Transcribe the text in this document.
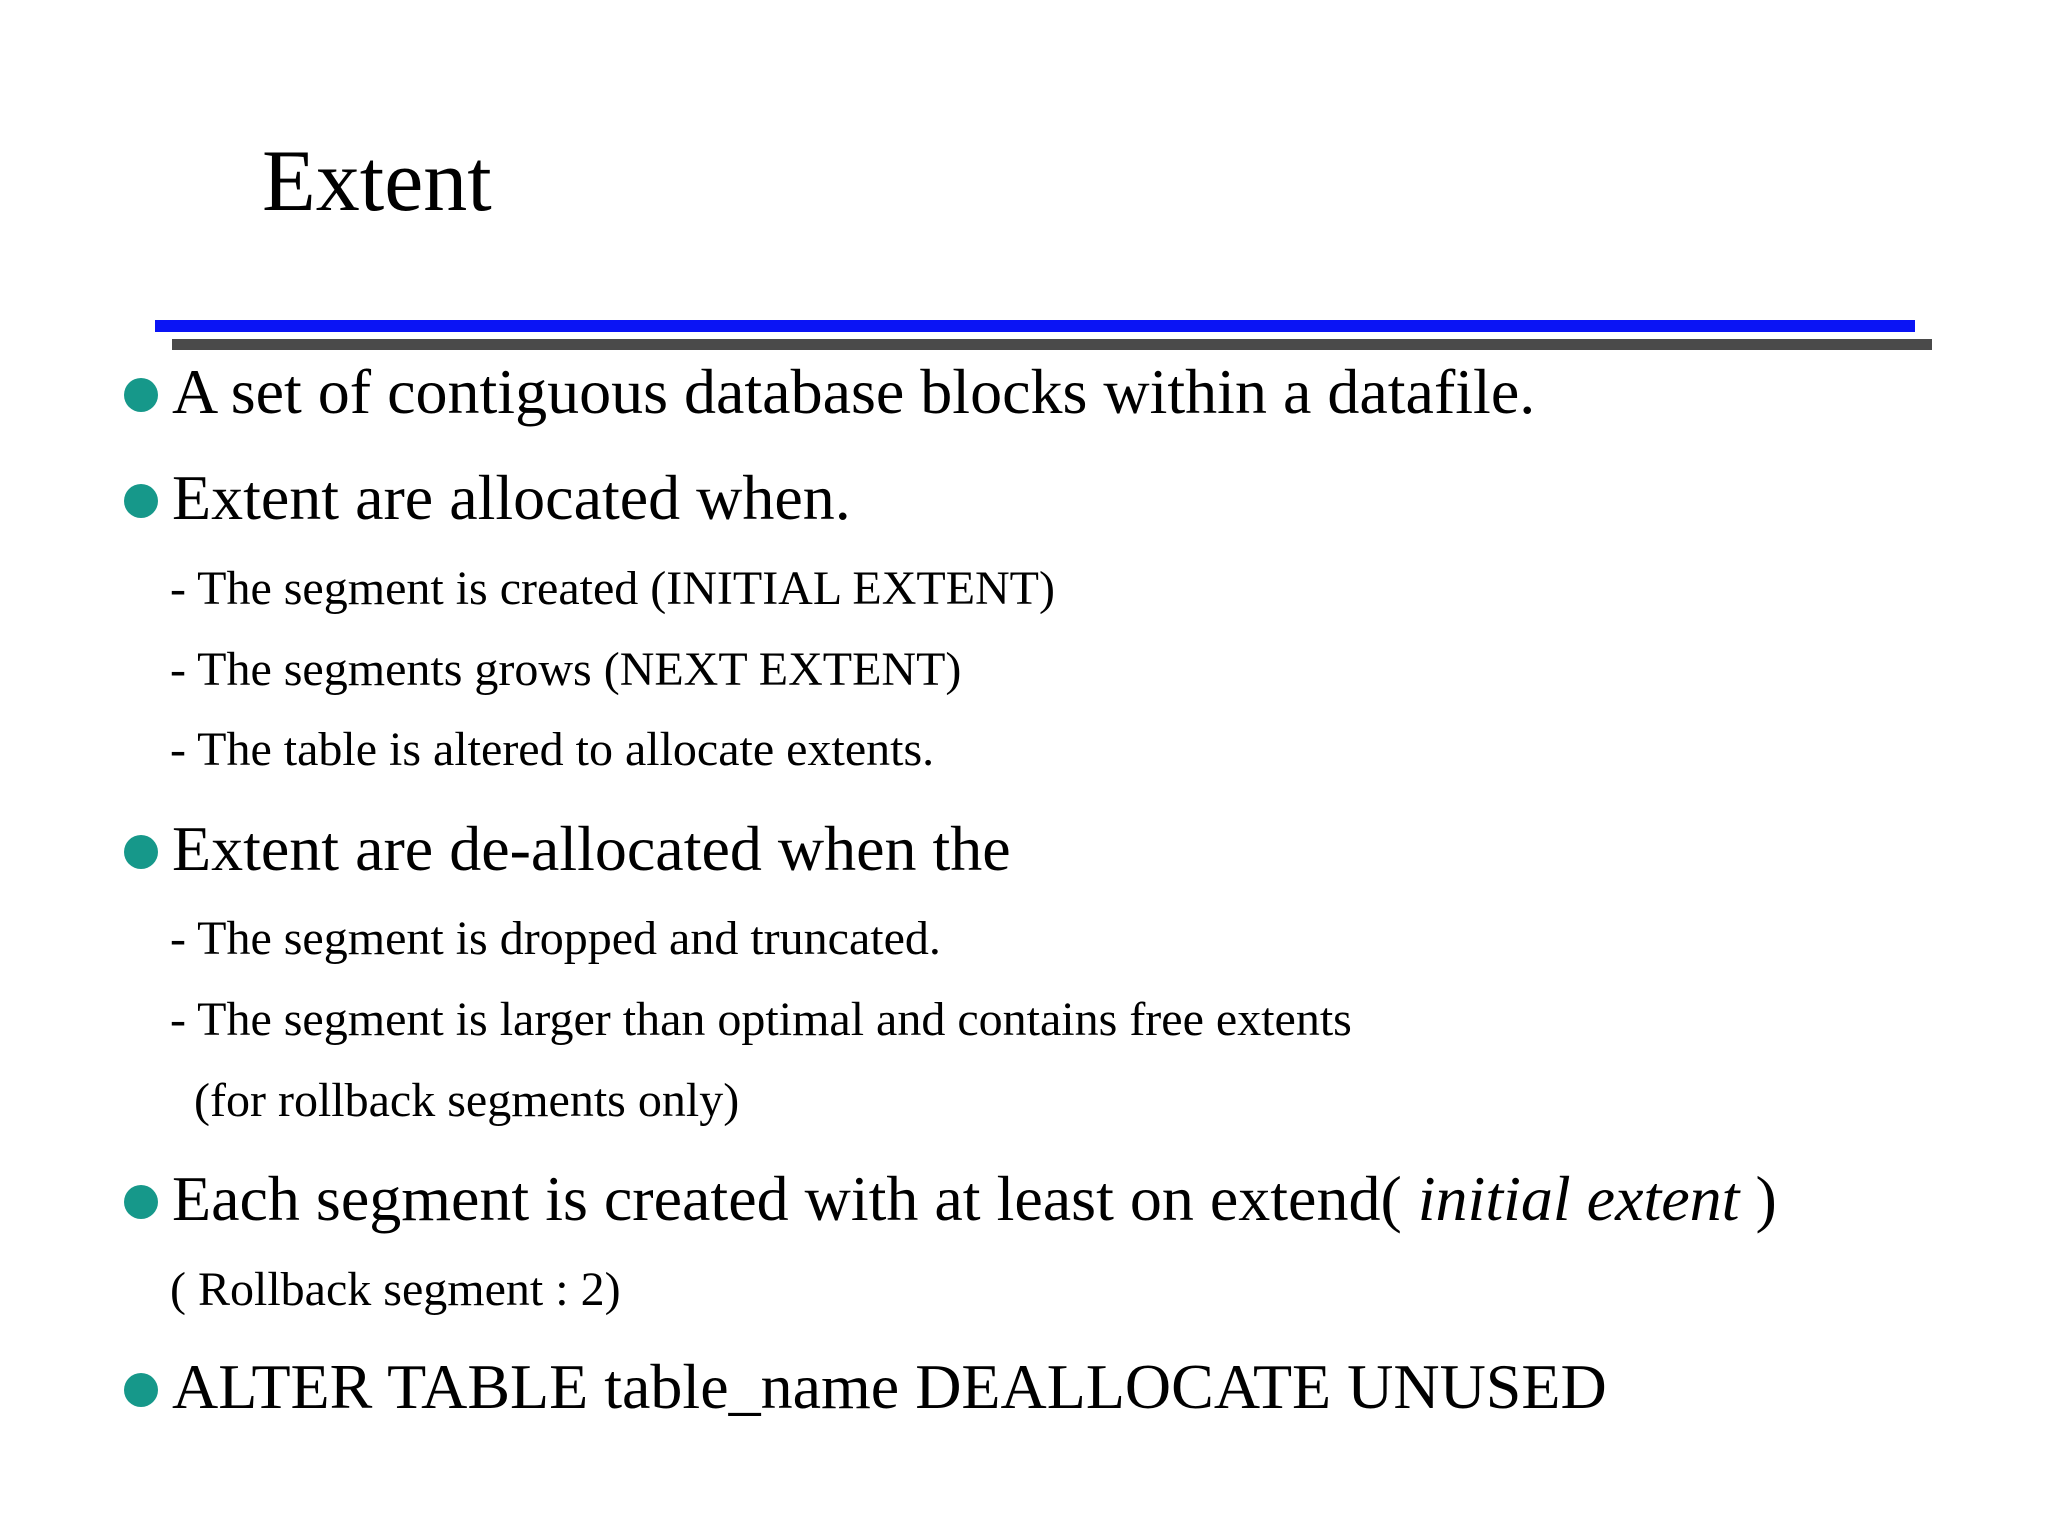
Extent
A set of contiguous database blocks within a datafile.
Extent are allocated when.
- The segment is created (INITIAL EXTENT)
- The segments grows (NEXT EXTENT)
- The table is altered to allocate extents.
Extent are de-allocated when the
- The segment is dropped and truncated.
- The segment is larger than optimal and contains free extents
(for rollback segments only)
Each segment is created with at least on extend( initial extent )
( Rollback segment : 2)
ALTER TABLE table_name DEALLOCATE UNUSED
